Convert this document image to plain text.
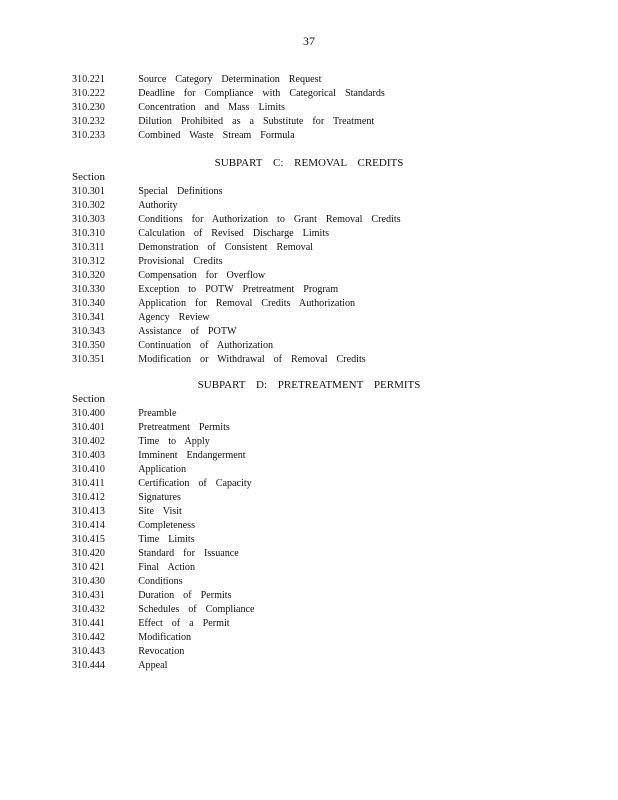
37
310.221	Source Category Determination Request
310.222	Deadline for Compliance with Categorical Standards
310.230	Concentration and Mass Limits
310.232	Dilution Prohibited as a Substitute for Treatment
310.233	Combined Waste Stream Formula
SUBPART C: REMOVAL CREDITS
Section
310.301	Special Definitions
310.302	Authority
310.303	Conditions for Authorization to Grant Removal Credits
310.310	Calculation of Revised Discharge Limits
310.311	Demonstration of Consistent Removal
310.312	Provisional Credits
310.320	Compensation for Overflow
310.330	Exception to POTW Pretreatment Program
310.340	Application for Removal Credits Authorization
310.341	Agency Review
310.343	Assistance of POTW
310.350	Continuation of Authorization
310.351	Modification or Withdrawal of Removal Credits
SUBPART D: PRETREATMENT PERMITS
Section
310.400	Preamble
310.401	Pretreatment Permits
310.402	Time to Apply
310.403	Imminent Endangerment
310.410	Application
310.411	Certification of Capacity
310.412	Signatures
310.413	Site Visit
310.414	Completeness
310.415	Time Limits
310.420	Standard for Issuance
310 421	Final Action
310.430	Conditions
310.431	Duration of Permits
310.432	Schedules of Compliance
310.441	Effect of a Permit
310.442	Modification
310.443	Revocation
310.444	Appeal
